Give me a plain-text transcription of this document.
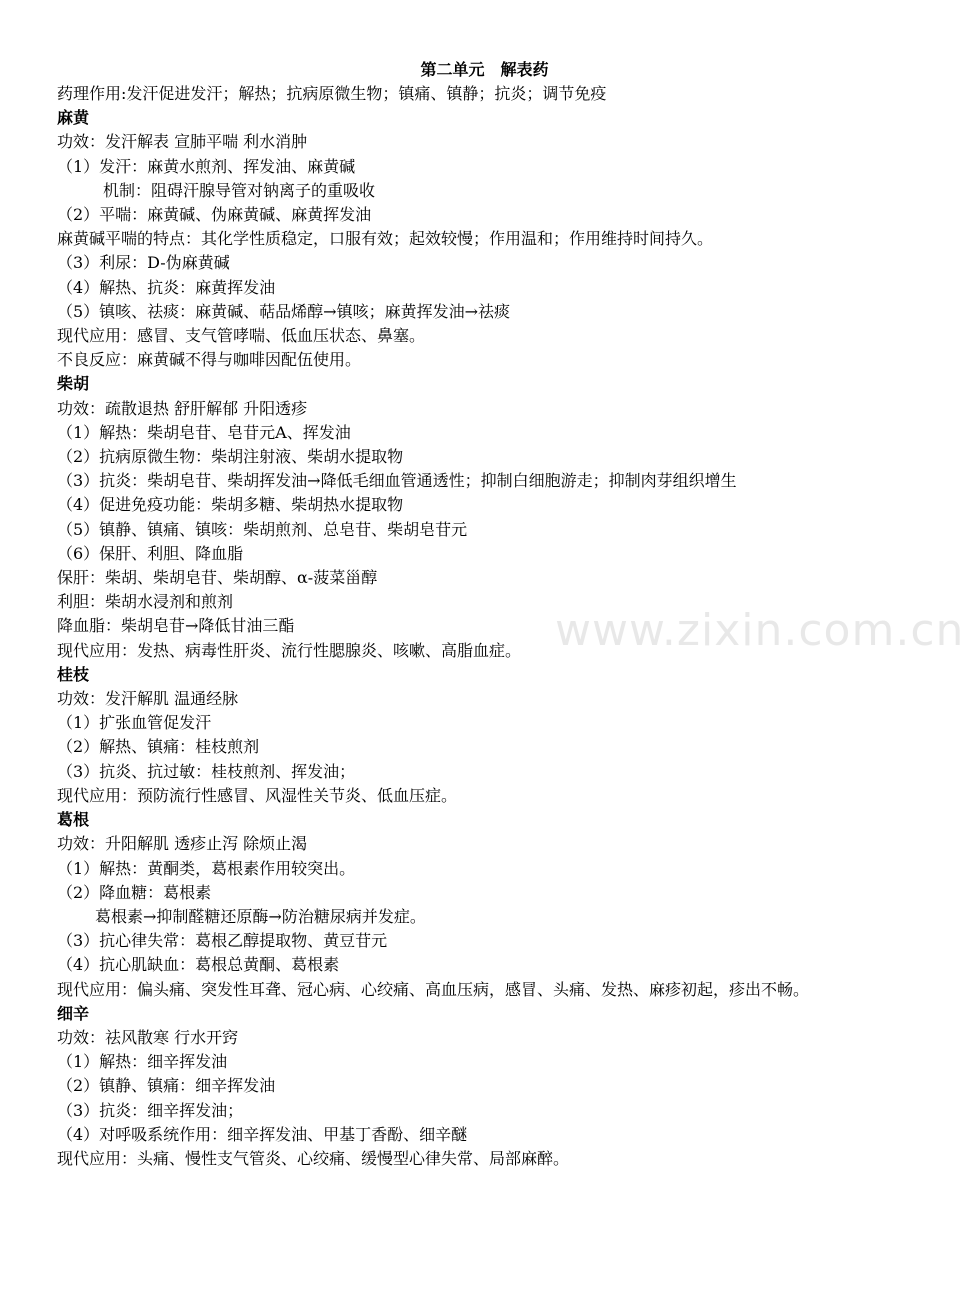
第二单元　解表药
药理作用:发汗促进发汗；解热；抗病原微生物；镇痛、镇静；抗炎；调节免疫
麻黄
功效：发汗解表 宣肺平喘 利水消肿
（1）发汗：麻黄水煎剂、挥发油、麻黄碱
机制：阻碍汗腺导管对钠离子的重吸收
（2）平喘：麻黄碱、伪麻黄碱、麻黄挥发油
麻黄碱平喘的特点：其化学性质稳定，口服有效；起效较慢；作用温和；作用维持时间持久。
（3）利尿：D-伪麻黄碱
（4）解热、抗炎：麻黄挥发油
（5）镇咳、祛痰：麻黄碱、萜品烯醇→镇咳；麻黄挥发油→祛痰
现代应用：感冒、支气管哮喘、低血压状态、鼻塞。
不良反应：麻黄碱不得与咖啡因配伍使用。
柴胡
功效：疏散退热 舒肝解郁 升阳透疹
（1）解热：柴胡皂苷、皂苷元A、挥发油
（2）抗病原微生物：柴胡注射液、柴胡水提取物
（3）抗炎：柴胡皂苷、柴胡挥发油→降低毛细血管通透性；抑制白细胞游走；抑制肉芽组织增生
（4）促进免疫功能：柴胡多糖、柴胡热水提取物
（5）镇静、镇痛、镇咳：柴胡煎剂、总皂苷、柴胡皂苷元
（6）保肝、利胆、降血脂
保肝：柴胡、柴胡皂苷、柴胡醇、α-菠菜甾醇
利胆：柴胡水浸剂和煎剂
降血脂：柴胡皂苷→降低甘油三酯
现代应用：发热、病毒性肝炎、流行性腮腺炎、咳嗽、高脂血症。
桂枝
功效：发汗解肌 温通经脉
（1）扩张血管促发汗
（2）解热、镇痛：桂枝煎剂
（3）抗炎、抗过敏：桂枝煎剂、挥发油；
现代应用：预防流行性感冒、风湿性关节炎、低血压症。
葛根
功效：升阳解肌 透疹止泻 除烦止渴
（1）解热：黄酮类，葛根素作用较突出。
（2）降血糖：葛根素
葛根素→抑制醛糖还原酶→防治糖尿病并发症。
（3）抗心律失常：葛根乙醇提取物、黄豆苷元
（4）抗心肌缺血：葛根总黄酮、葛根素
现代应用：偏头痛、突发性耳聋、冠心病、心绞痛、高血压病，感冒、头痛、发热、麻疹初起，疹出不畅。
细辛
功效：祛风散寒 行水开窍
（1）解热：细辛挥发油
（2）镇静、镇痛：细辛挥发油
（3）抗炎：细辛挥发油；
（4）对呼吸系统作用：细辛挥发油、甲基丁香酚、细辛醚
现代应用：头痛、慢性支气管炎、心绞痛、缓慢型心律失常、局部麻醉。
www.zixin.com.cn
